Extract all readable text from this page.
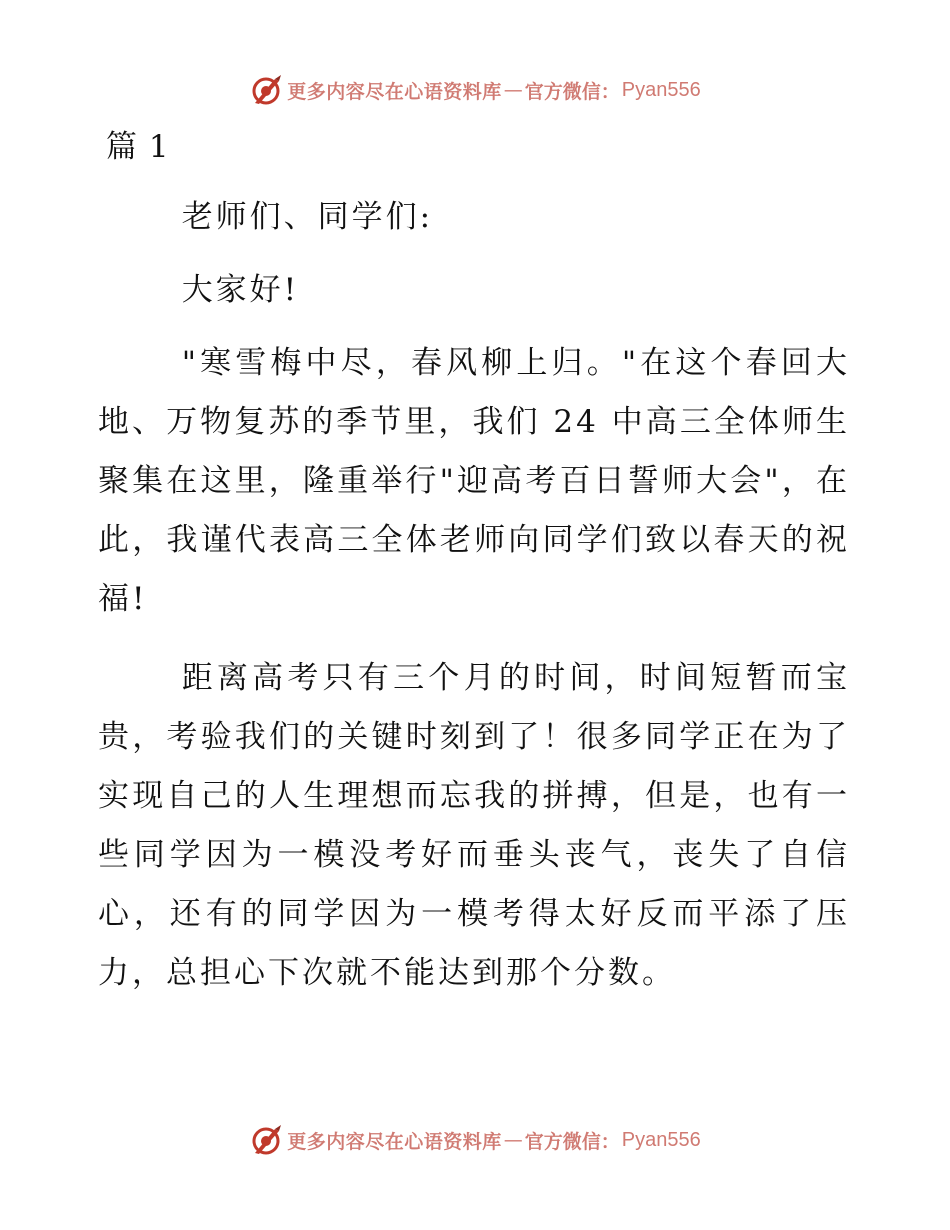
更多内容尽在心语资料库 — 官方微信： Pyan556
篇 1

老师们、同学们:

大家好!

"寒雪梅中尽，春风柳上归。"在这个春回大地、万物复苏的季节里，我们 24 中高三全体师生聚集在这里，隆重举行"迎高考百日誓师大会"，在此，我谨代表高三全体老师向同学们致以春天的祝福!

距离高考只有三个月的时间，时间短暂而宝贵，考验我们的关键时刻到了！很多同学正在为了实现自己的人生理想而忘我的拼搏，但是，也有一些同学因为一模没考好而垂头丧气，丧失了自信心，还有的同学因为一模考得太好反而平添了压力，总担心下次就不能达到那个分数。

更多内容尽在心语资料库 — 官方微信： Pyan556
